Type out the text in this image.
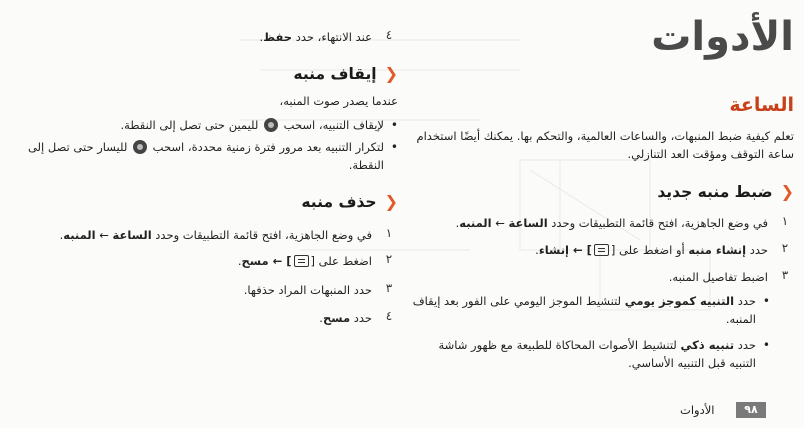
الأدوات
الساعة
تعلم كيفية ضبط المنبهات، والساعات العالمية، والتحكم بها. يمكنك أيضًا استخدام ساعة التوقف ومؤقت العد التنازلي.
❮ضبط منبه جديد
١
في وضع الجاهزية، افتح قائمة التطبيقات وحدد الساعة ← المنبه.
٢
حدد إنشاء منبه أو اضغط على [] ← إنشاء.
٣
اضبط تفاصيل المنبه.
•
حدد التنبيه كموجز يومي لتنشيط الموجز اليومي على الفور بعد إيقاف المنبه.
•
حدد تنبيه ذكي لتنشيط الأصوات المحاكاة للطبيعة مع ظهور شاشة التنبيه قبل التنبيه الأساسي.
٤
عند الانتهاء، حدد حفظ.
❮إيقاف منبه
عندما يصدر صوت المنبه،
•
لإيقاف التنبيه، اسحب  لليمين حتى تصل إلى النقطة.
•
لتكرار التنبيه بعد مرور فترة زمنية محددة، اسحب  لليسار حتى تصل إلى النقطة.
❮حذف منبه
١
في وضع الجاهزية، افتح قائمة التطبيقات وحدد الساعة ← المنبه.
٢
اضغط على [] ← مسح.
٣
حدد المنبهات المراد حذفها.
٤
حدد مسح.
٩٨
الأدوات
